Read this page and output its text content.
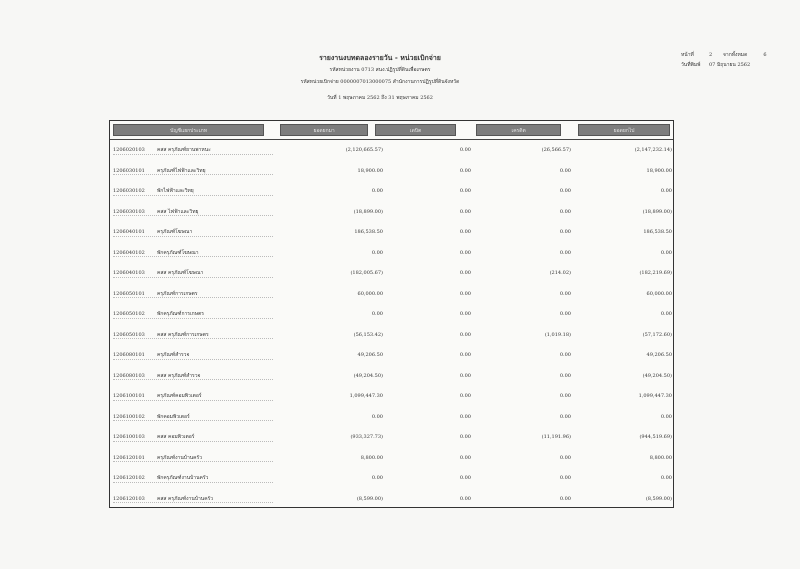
หน้าที่	2	จากทั้งหมด	6
วันที่พิมพ์	07 มิถุนายน 2562
รายงานงบทดลองรายวัน - หน่วยเบิกจ่าย
รหัสหน่วยงาน 0713 สนง.ปฏิรูปที่ดินเพื่อเกษตร
รหัสหน่วยเบิกจ่าย 0000007013000075 สำนักงานการปฏิรูปที่ดินจังหวัด
วันที่ 1 พฤษภาคม 2562 ถึง 31 พฤษภาคม 2562
บัญชีแยกประเภท	ยอดยกมา	เดบิต	เครดิต	ยอดยกไป
1206020103	คสส ครุภัณฑ์ยานพาหนะ	(2,120,665.57)	0.00	(26,566.57)	(2,147,232.14)
1206030101	ครุภัณฑ์ไฟฟ้าและวิทยุ	18,900.00	0.00	0.00	18,900.00
1206030102	พักไฟฟ้าและวิทยุ	0.00	0.00	0.00	0.00
1206030103	คสส ไฟฟ้าและวิทยุ	(18,899.00)	0.00	0.00	(18,899.00)
1206040101	ครุภัณฑ์โฆษณา	186,538.50	0.00	0.00	186,538.50
1206040102	พักครุภัณฑ์โฆษณา	0.00	0.00	0.00	0.00
1206040103	คสส ครุภัณฑ์โฆษณา	(182,005.67)	0.00	(214.02)	(182,219.69)
1206050101	ครุภัณฑ์การเกษตร	60,000.00	0.00	0.00	60,000.00
1206050102	พักครุภัณฑ์การเกษตร	0.00	0.00	0.00	0.00
1206050103	คสส ครุภัณฑ์การเกษตร	(56,153.42)	0.00	(1,019.18)	(57,172.60)
1206080101	ครุภัณฑ์สำรวจ	49,206.50	0.00	0.00	49,206.50
1206080103	คสส ครุภัณฑ์สำรวจ	(49,204.50)	0.00	0.00	(49,204.50)
1206100101	ครุภัณฑ์คอมพิวเตอร์	1,099,447.30	0.00	0.00	1,099,447.30
1206100102	พักคอมพิวเตอร์	0.00	0.00	0.00	0.00
1206100103	คสส คอมพิวเตอร์	(933,327.73)	0.00	(11,191.96)	(944,519.69)
1206120101	ครุภัณฑ์งานบ้านครัว	8,800.00	0.00	0.00	8,800.00
1206120102	พักครุภัณฑ์งานบ้านครัว	0.00	0.00	0.00	0.00
1206120103	คสส ครุภัณฑ์งานบ้านครัว	(8,599.00)	0.00	0.00	(8,599.00)
